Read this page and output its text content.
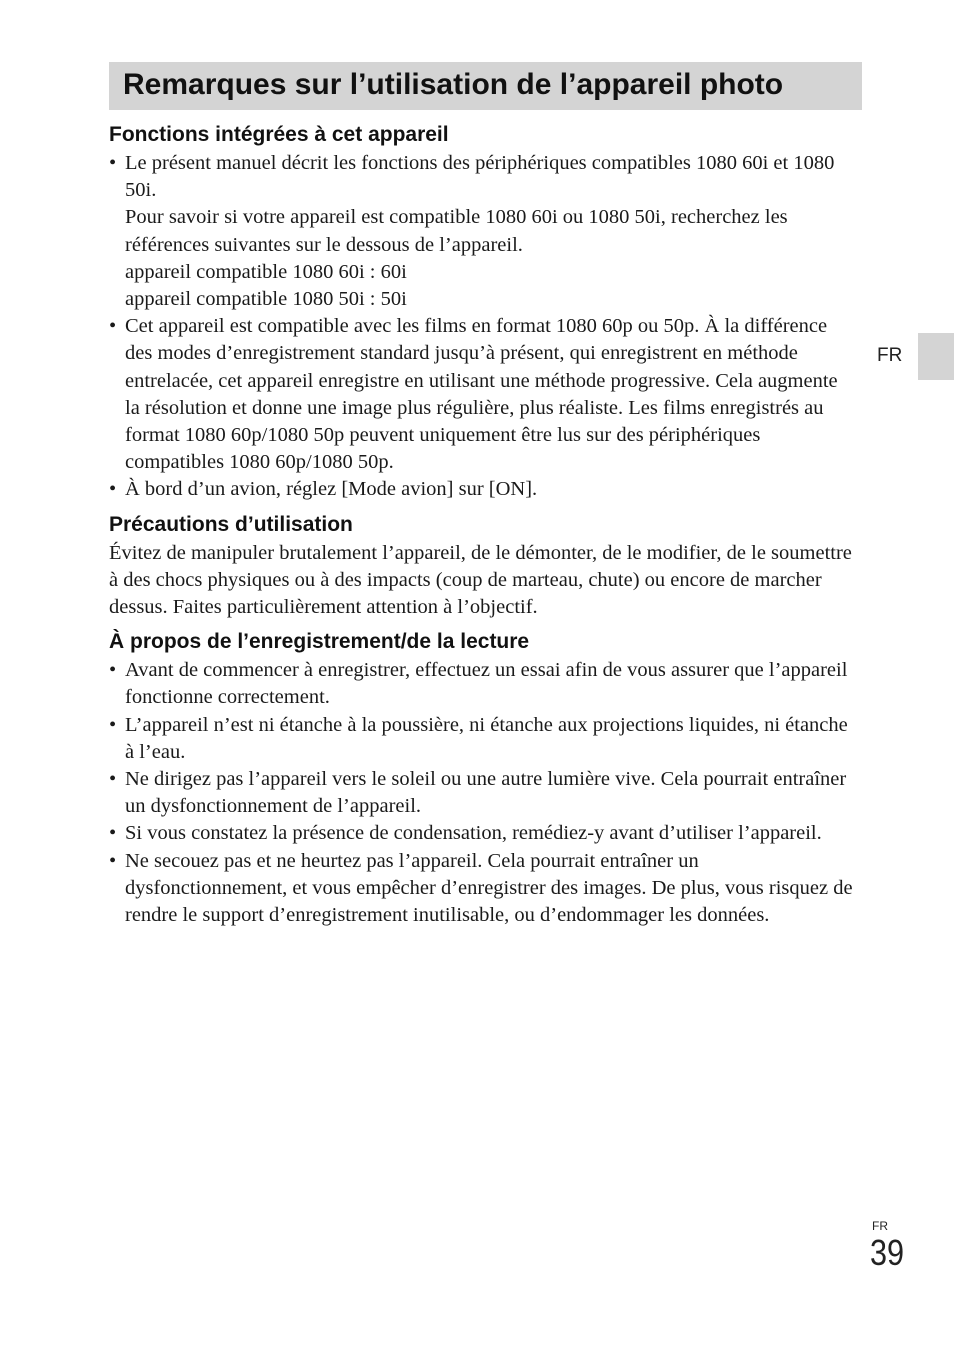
Remarques sur l’utilisation de l’appareil photo
Fonctions intégrées à cet appareil
• Le présent manuel décrit les fonctions des périphériques compatibles 1080 60i et 1080 50i.
Pour savoir si votre appareil est compatible 1080 60i ou 1080 50i, recherchez les références suivantes sur le dessous de l’appareil.
appareil compatible 1080 60i : 60i
appareil compatible 1080 50i : 50i
• Cet appareil est compatible avec les films en format 1080 60p ou 50p. À la différence des modes d’enregistrement standard jusqu’à présent, qui enregistrent en méthode entrelacée, cet appareil enregistre en utilisant une méthode progressive. Cela augmente la résolution et donne une image plus régulière, plus réaliste. Les films enregistrés au format 1080 60p/1080 50p peuvent uniquement être lus sur des périphériques compatibles 1080 60p/1080 50p.
• À bord d’un avion, réglez [Mode avion] sur [ON].
Précautions d’utilisation

Évitez de manipuler brutalement l’appareil, de le démonter, de le modifier, de le soumettre à des chocs physiques ou à des impacts (coup de marteau, chute) ou encore de marcher dessus. Faites particulièrement attention à l’objectif.

À propos de l’enregistrement/de la lecture
• Avant de commencer à enregistrer, effectuez un essai afin de vous assurer que l’appareil fonctionne correctement.
• L’appareil n’est ni étanche à la poussière, ni étanche aux projections liquides, ni étanche à l’eau.
• Ne dirigez pas l’appareil vers le soleil ou une autre lumière vive. Cela pourrait entraîner un dysfonctionnement de l’appareil.
• Si vous constatez la présence de condensation, remédiez-y avant d’utiliser l’appareil.
• Ne secouez pas et ne heurtez pas l’appareil. Cela pourrait entraîner un dysfonctionnement, et vous empêcher d’enregistrer des images. De plus, vous risquez de rendre le support d’enregistrement inutilisable, ou d’endommager les données.
FR
FR
39
